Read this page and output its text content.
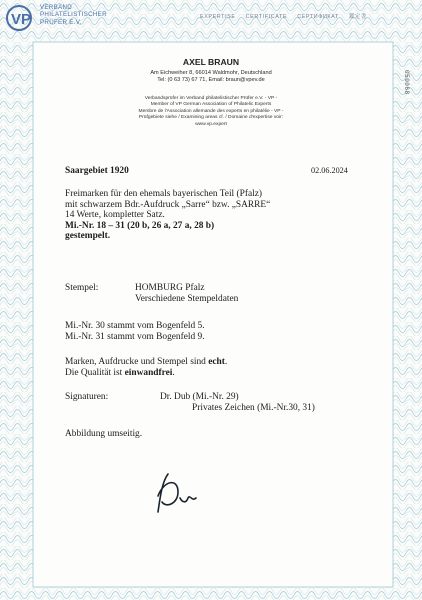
VP
VERBAND
PHILATELISTISCHER
PRÜFER E.V.
EXPERTISE CERTIFICATE СЕРТИФИКАТ 鑑定書
AXEL BRAUN
Am Eichweiher 8, 66014 Waldmohr, Deutschland
Tel: (0 63 73) 67 71, Email: braun@vpev.de
Verbandsprüfer im Verband philatelistischer Prüfer e.V. - VP -
Member of VP German Association of Philatelic Experts
Membre de l'Association allemande des experts en philatélie - VP -
Prüfgebiete siehe / Examining areas cf. / Domaine d'expertise voir:
www.vp.expert
050068
Saargebiet 1920	02.06.2024
Freimarken für den ehemals bayerischen Teil (Pfalz)
mit schwarzem Bdr.-Aufdruck „Sarre“ bzw. „SARRE“
14 Werte, kompletter Satz.
Mi.-Nr. 18 – 31 (20 b, 26 a, 27 a, 28 b)
gestempelt.
Stempel:	HOMBURG Pfalz
Verschiedene Stempeldaten
Mi.-Nr. 30 stammt vom Bogenfeld 5.
Mi.-Nr. 31 stammt vom Bogenfeld 9.
Marken, Aufdrucke und Stempel sind echt.
Die Qualität ist einwandfrei.
Signaturen:	Dr. Dub (Mi.-Nr. 29)
Privates Zeichen (Mi.-Nr.30, 31)
Abbildung umseitig.
